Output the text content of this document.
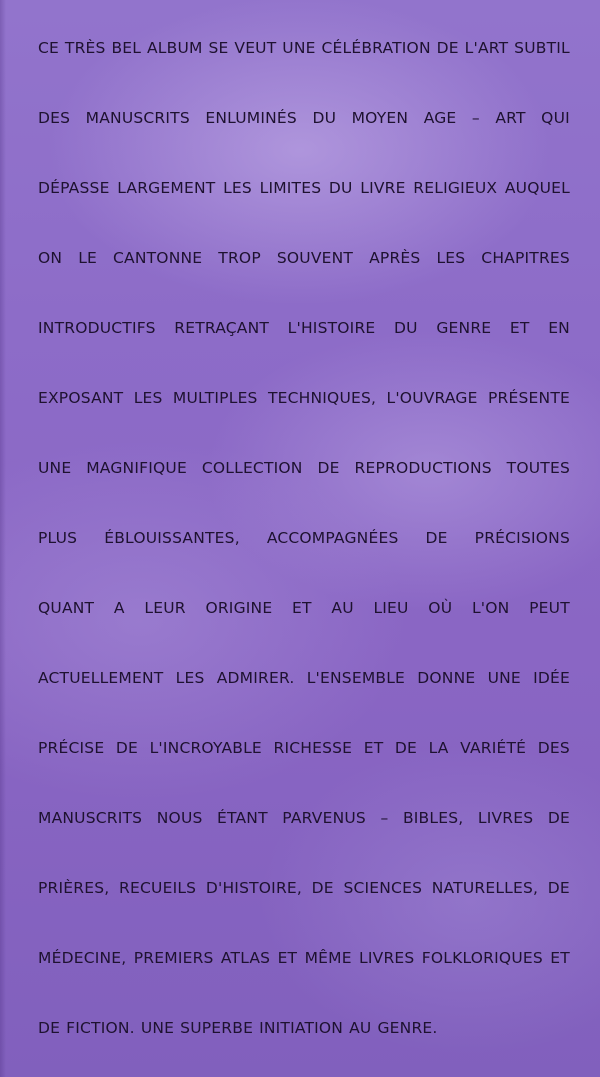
CE TRÈS BEL ALBUM SE VEUT UNE CÉLÉBRATION DE L'ART SUBTIL
DES MANUSCRITS ENLUMINÉS DU MOYEN AGE – ART QUI
DÉPASSE LARGEMENT LES LIMITES DU LIVRE RELIGIEUX AUQUEL
ON LE CANTONNE TROP SOUVENT APRÈS LES CHAPITRES
INTRODUCTIFS RETRAÇANT L'HISTOIRE DU GENRE ET EN
EXPOSANT LES MULTIPLES TECHNIQUES, L'OUVRAGE PRÉSENTE
UNE MAGNIFIQUE COLLECTION DE REPRODUCTIONS TOUTES
PLUS ÉBLOUISSANTES, ACCOMPAGNÉES DE PRÉCISIONS
QUANT A LEUR ORIGINE ET AU LIEU OÙ L'ON PEUT
ACTUELLEMENT LES ADMIRER. L'ENSEMBLE DONNE UNE IDÉE
PRÉCISE DE L'INCROYABLE RICHESSE ET DE LA VARIÉTÉ DES
MANUSCRITS NOUS ÉTANT PARVENUS – BIBLES, LIVRES DE
PRIÈRES, RECUEILS D'HISTOIRE, DE SCIENCES NATURELLES, DE
MÉDECINE, PREMIERS ATLAS ET MÊME LIVRES FOLKLORIQUES ET
DE FICTION. UNE SUPERBE INITIATION AU GENRE.
